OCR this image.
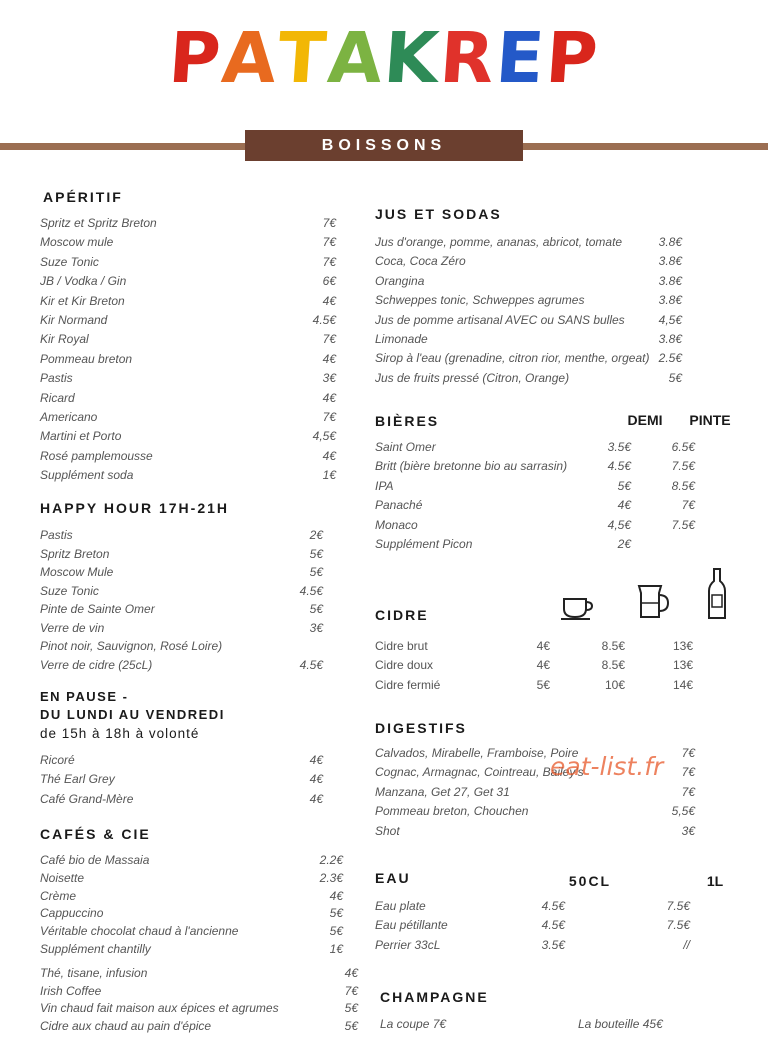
PATAKREP
BOISSONS
APÉRITIF
Spritz et Spritz Breton	7€
Moscow mule	7€
Suze Tonic	7€
JB / Vodka / Gin	6€
Kir et Kir Breton	4€
Kir Normand	4.5€
Kir Royal	7€
Pommeau breton	4€
Pastis	3€
Ricard	4€
Americano	7€
Martini et Porto	4,5€
Rosé pamplemousse	4€
Supplément soda	1€
HAPPY HOUR 17H-21H
Pastis	2€
Spritz Breton	5€
Moscow Mule	5€
Suze Tonic	4.5€
Pinte de Sainte Omer	5€
Verre de vin	3€
Pinot noir, Sauvignon, Rosé Loire)
Verre de cidre (25cL)	4.5€
EN PAUSE -
DU LUNDI AU VENDREDI
de 15h à 18h à volonté
Ricoré	4€
Thé Earl Grey	4€
Café Grand-Mère	4€
CAFÉS & CIE
Café bio de Massaia	2.2€
Noisette	2.3€
Crème	4€
Cappuccino	5€
Véritable chocolat chaud à l'ancienne	5€
Supplément chantilly	1€
Thé, tisane, infusion	4€
Irish Coffee	7€
Vin chaud fait maison aux épices et agrumes	5€
Cidre aux chaud au pain d'épice	5€
JUS ET SODAS
Jus d'orange, pomme, ananas, abricot, tomate	3.8€
Coca, Coca Zéro	3.8€
Orangina	3.8€
Schweppes tonic, Schweppes agrumes	3.8€
Jus de pomme artisanal AVEC ou SANS bulles	4,5€
Limonade	3.8€
Sirop à l'eau (grenadine, citron rior, menthe, orgeat) 2.5€
Jus de fruits pressé (Citron, Orange)	5€
BIÈRES	DEMI	PINTE
Saint Omer	3.5€	6.5€
Britt (bière bretonne bio au sarrasin)	4.5€	7.5€
IPA	5€	8.5€
Panaché	4€	7€
Monaco	4,5€	7.5€
Supplément Picon	2€
CIDRE
Cidre brut	4€	8.5€	13€
Cidre doux	4€	8.5€	13€
Cidre fermié	5€	10€	14€
DIGESTIFS
Calvados, Mirabelle, Framboise, Poire	7€
Cognac, Armagnac, Cointreau, Bailey's	7€
Manzana, Get 27, Get 31	7€
Pommeau breton, Chouchen	5,5€
Shot	3€
EAU	50CL	1L
Eau plate	4.5€	7.5€
Eau pétillante	4.5€	7.5€
Perrier 33cL	3.5€	//
CHAMPAGNE
La coupe 7€	La bouteille 45€
eat-list.fr
